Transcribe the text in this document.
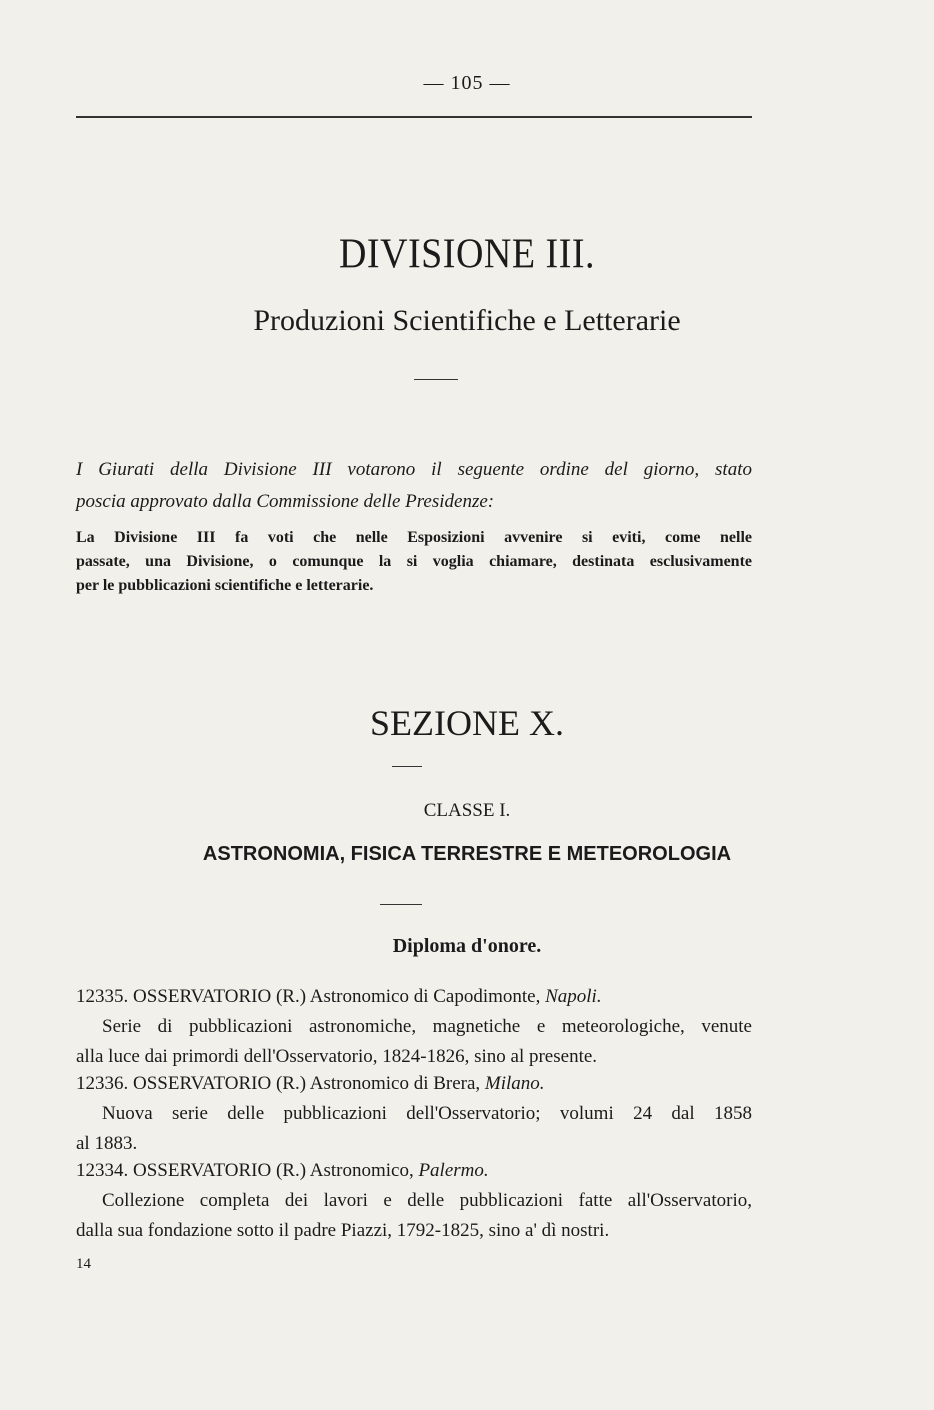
— 105 —
DIVISIONE III.
Produzioni Scientifiche e Letterarie
I Giurati della Divisione III votarono il seguente ordine del giorno, stato
poscia approvato dalla Commissione delle Presidenze:
La Divisione III fa voti che nelle Esposizioni avvenire si eviti, come nelle
passate, una Divisione, o comunque la si voglia chiamare, destinata esclusivamente
per le pubblicazioni scientifiche e letterarie.
SEZIONE X.
CLASSE I.
ASTRONOMIA, FISICA TERRESTRE E METEOROLOGIA
Diploma d'onore.
12335. OSSERVATORIO (R.) Astronomico di Capodimonte, Napoli.
Serie di pubblicazioni astronomiche, magnetiche e meteorologiche, venute
alla luce dai primordi dell'Osservatorio, 1824-1826, sino al presente.
12336. OSSERVATORIO (R.) Astronomico di Brera, Milano.
Nuova serie delle pubblicazioni dell'Osservatorio; volumi 24 dal 1858
al 1883.
12334. OSSERVATORIO (R.) Astronomico, Palermo.
Collezione completa dei lavori e delle pubblicazioni fatte all'Osservatorio,
dalla sua fondazione sotto il padre Piazzi, 1792-1825, sino a' dì nostri.
14
